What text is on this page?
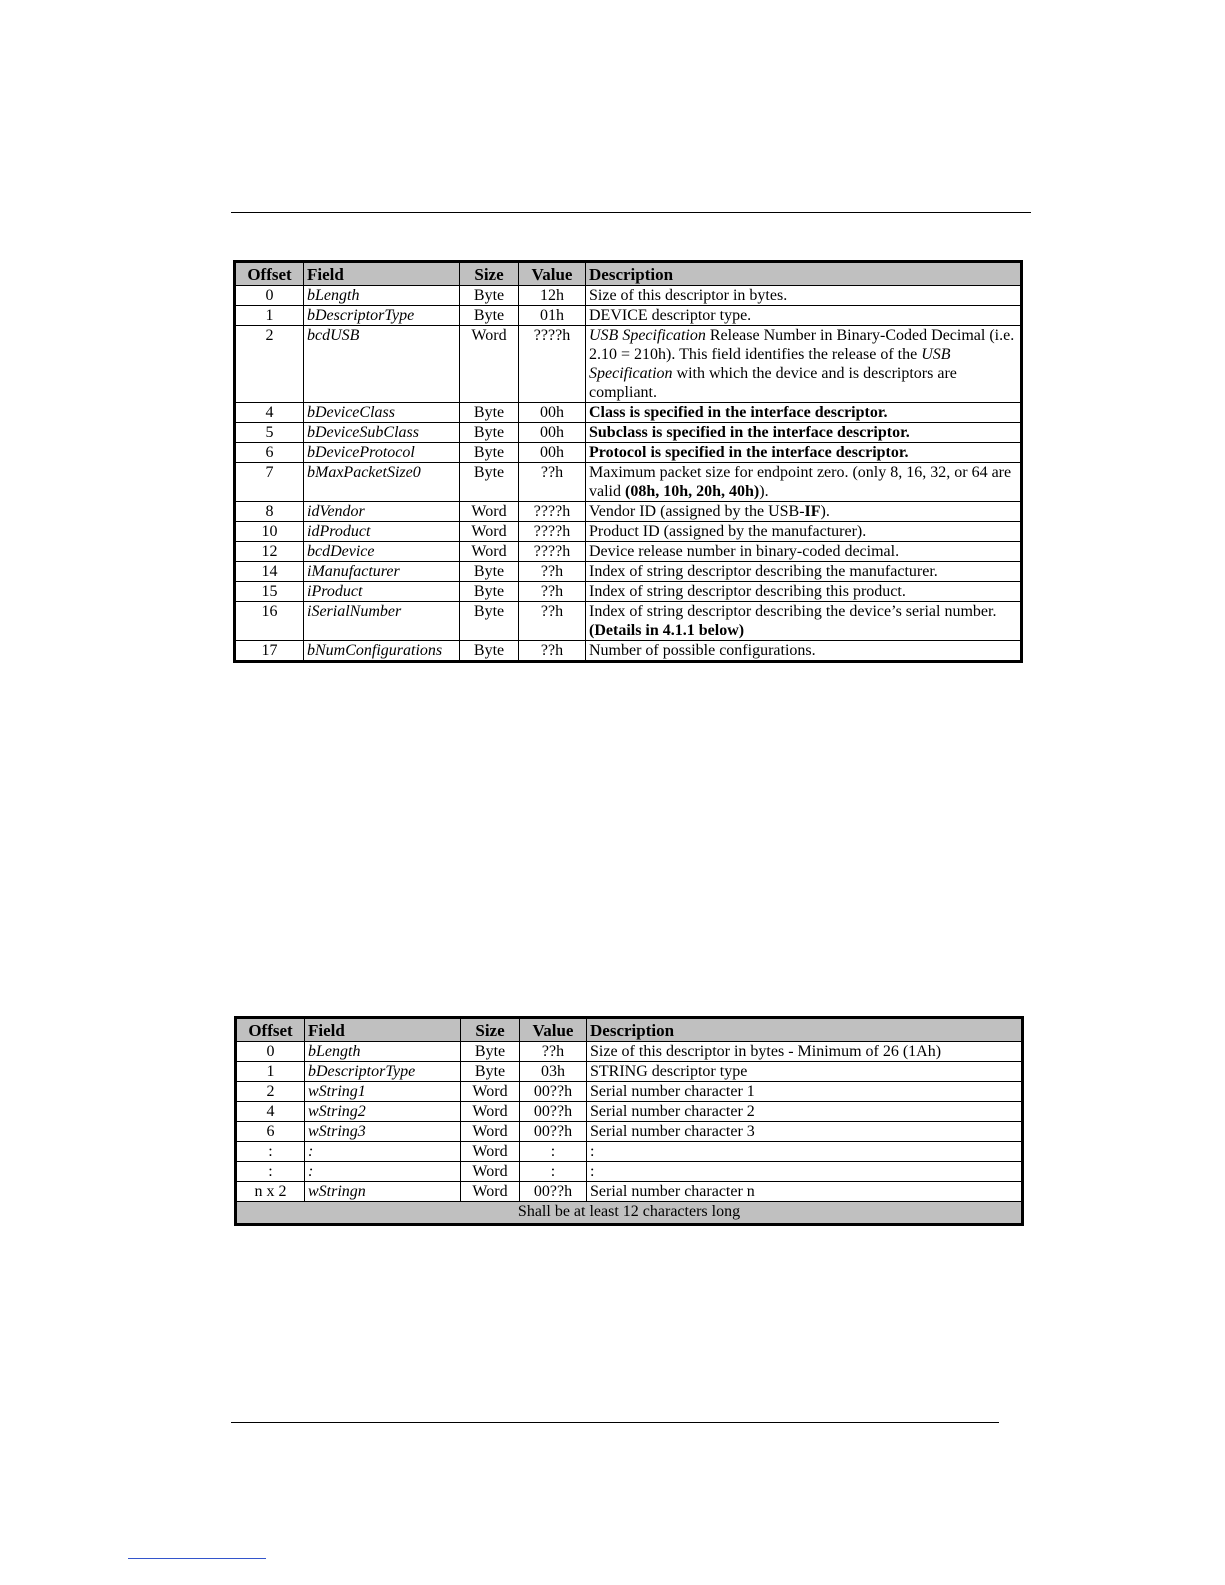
Offset	Field	Size	Value	Description
0	bLength	Byte	12h	Size of this descriptor in bytes.
1	bDescriptorType	Byte	01h	DEVICE descriptor type.
2	bcdUSB	Word	????h	USB Specification Release Number in Binary-Coded Decimal (i.e. 2.10 = 210h). This field identifies the release of the USB Specification with which the device and is descriptors are compliant.
4	bDeviceClass	Byte	00h	Class is specified in the interface descriptor.
5	bDeviceSubClass	Byte	00h	Subclass is specified in the interface descriptor.
6	bDeviceProtocol	Byte	00h	Protocol is specified in the interface descriptor.
7	bMaxPacketSize0	Byte	??h	Maximum packet size for endpoint zero. (only 8, 16, 32, or 64 are valid (08h, 10h, 20h, 40h)).
8	idVendor	Word	????h	Vendor ID (assigned by the USB-IF).
10	idProduct	Word	????h	Product ID (assigned by the manufacturer).
12	bcdDevice	Word	????h	Device release number in binary-coded decimal.
14	iManufacturer	Byte	??h	Index of string descriptor describing the manufacturer.
15	iProduct	Byte	??h	Index of string descriptor describing this product.
16	iSerialNumber	Byte	??h	Index of string descriptor describing the device’s serial number. (Details in 4.1.1 below)
17	bNumConfigurations	Byte	??h	Number of possible configurations.
Offset	Field	Size	Value	Description
0	bLength	Byte	??h	Size of this descriptor in bytes - Minimum of 26 (1Ah)
1	bDescriptorType	Byte	03h	STRING descriptor type
2	wString1	Word	00??h	Serial number character 1
4	wString2	Word	00??h	Serial number character 2
6	wString3	Word	00??h	Serial number character 3
:	:	Word	:	:
:	:	Word	:	:
n x 2	wStringn	Word	00??h	Serial number character n
Shall be at least 12 characters long				
